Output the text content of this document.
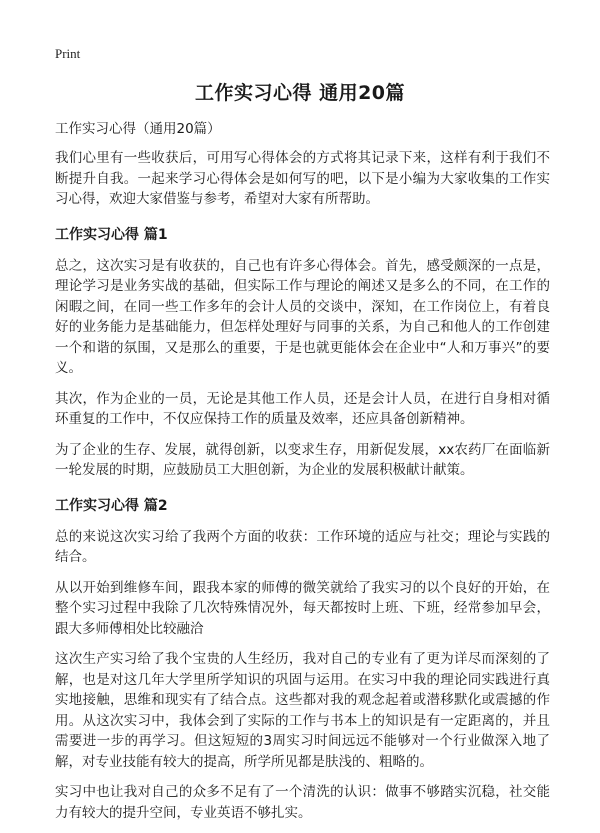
Print
工作实习心得 通用20篇

工作实习心得（通用20篇）

我们心里有一些收获后，可用写心得体会的方式将其记录下来，这样有利于我们不断提升自我。一起来学习心得体会是如何写的吧，以下是小编为大家收集的工作实习心得，欢迎大家借鉴与参考，希望对大家有所帮助。

工作实习心得 篇1

总之，这次实习是有收获的，自己也有许多心得体会。首先，感受颇深的一点是，理论学习是业务实战的基础，但实际工作与理论的阐述又是多么的不同，在工作的闲暇之间，在同一些工作多年的会计人员的交谈中，深知，在工作岗位上，有着良好的业务能力是基础能力，但怎样处理好与同事的关系，为自己和他人的工作创建一个和谐的氛围，又是那么的重要，于是也就更能体会在企业中“人和万事兴”的要义。

其次，作为企业的一员，无论是其他工作人员，还是会计人员，在进行自身相对循环重复的工作中，不仅应保持工作的质量及效率，还应具备创新精神。

为了企业的生存、发展，就得创新，以变求生存，用新促发展，xx农药厂在面临新一轮发展的时期，应鼓励员工大胆创新，为企业的发展积极献计献策。

工作实习心得 篇2

总的来说这次实习给了我两个方面的收获：工作环境的适应与社交；理论与实践的结合。

从以开始到维修车间，跟我本家的师傅的微笑就给了我实习的以个良好的开始，在整个实习过程中我除了几次特殊情况外，每天都按时上班、下班，经常参加早会，跟大多师傅相处比较融洽

这次生产实习给了我个宝贵的人生经历，我对自己的专业有了更为详尽而深刻的了解，也是对这几年大学里所学知识的巩固与运用。在实习中我的理论同实践进行真实地接触，思维和现实有了结合点。这些都对我的观念起着或潜移默化或震撼的作用。从这次实习中，我体会到了实际的工作与书本上的知识是有一定距离的，并且需要进一步的再学习。但这短短的3周实习时间远远不能够对一个行业做深入地了解，对专业技能有较大的提高，所学所见都是肤浅的、粗略的。

实习中也让我对自己的众多不足有了一个清洗的认识：做事不够踏实沉稳，社交能力有较大的提升空间，专业英语不够扎实。
